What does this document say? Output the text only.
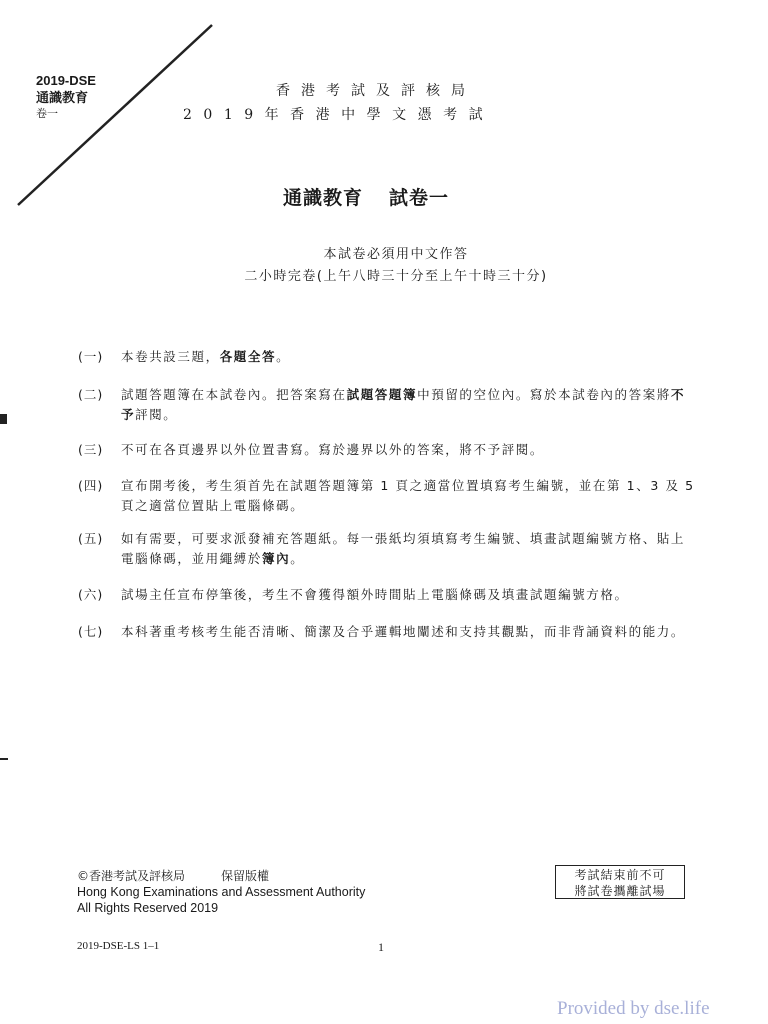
2019-DSE
通識教育
卷一
香港考試及評核局
2019年香港中學文憑考試
通識教育 試卷一
本試卷必須用中文作答
二小時完卷(上午八時三十分至上午十時三十分)
(一)	本卷共設三題，各題全答。
(二)	試題答題簿在本試卷內。把答案寫在試題答題簿中預留的空位內。寫於本試卷內的答案將不予評閱。
(三)	不可在各頁邊界以外位置書寫。寫於邊界以外的答案，將不予評閱。
(四)	宣布開考後，考生須首先在試題答題簿第 1 頁之適當位置填寫考生編號，並在第 1、3 及 5 頁之適當位置貼上電腦條碼。
(五)	如有需要，可要求派發補充答題紙。每一張紙均須填寫考生編號、填畫試題編號方格、貼上電腦條碼，並用繩縛於簿內。
(六)	試場主任宣布停筆後，考生不會獲得額外時間貼上電腦條碼及填畫試題編號方格。
(七)	本科著重考核考生能否清晰、簡潔及合乎邏輯地闡述和支持其觀點，而非背誦資料的能力。
©香港考試及評核局	保留版權
Hong Kong Examinations and Assessment Authority
All Rights Reserved 2019
考試結束前不可
將試卷攜離試場
2019-DSE-LS 1–1	1
Provided by dse.life
